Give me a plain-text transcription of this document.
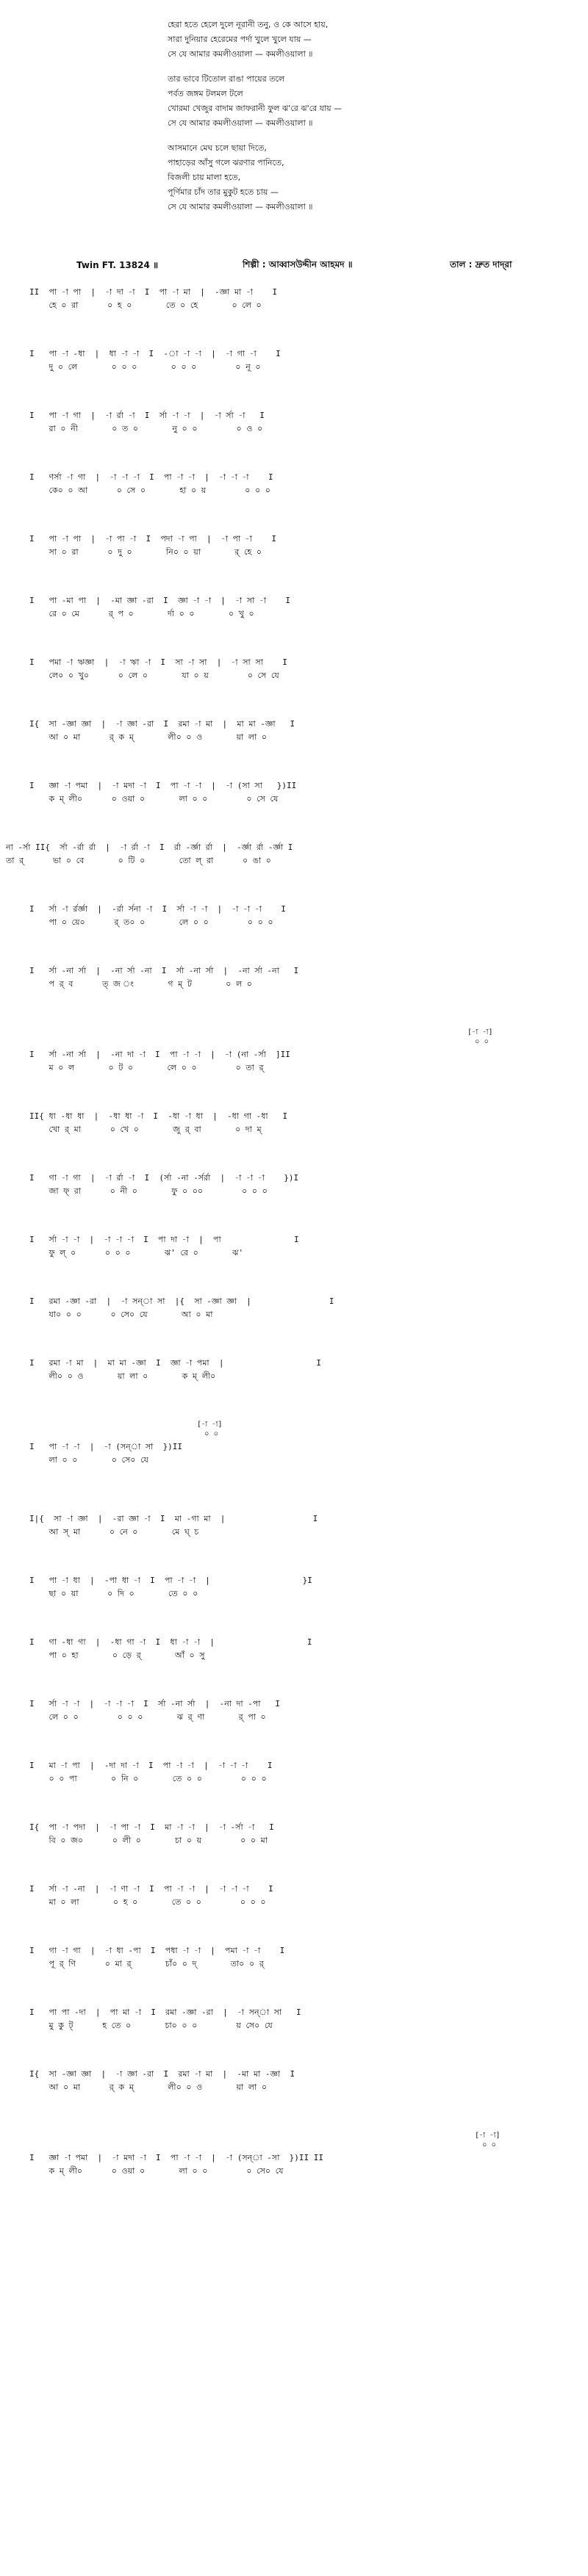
হেরা হতে হেলে দুলে নূরানী তনু, ও কে আসে হায়,
সারা দুনিয়ার হেরেমের পর্দা খুলে খুলে যায় —
সে যে আমার কমলীওয়ালা — কমলীওয়ালা ॥
তার ভাবে টিতোল রাঙা পায়ের তলে
পর্বত জঙ্গম টলমল টলে
খোরমা খেজুর বাদাম জাফরানী ফুল ঝ'রে ঝ'রে যায় —
সে যে আমার কমলীওয়ালা — কমলীওয়ালা ॥
আসমানে মেঘ চলে ছায়া দিতে,
পাহাড়ের আঁসু গলে ঝরণার পানিতে,
বিজলী চায় মালা হতে,
পূর্ণিমার চাঁদ তার মুকুট হতে চায় —
সে যে আমার কমলীওয়ালা — কমলীওয়ালা ॥
Twin FT. 13824 ॥	শিল্পী : আব্বাসউদ্দীন আহমদ ॥	তাল : দ্রুত দাদ্‌রা
II  পা -া পা  |  -া দা -া  I  পা -া মা  |  -জ্ঞা মা -া    I
হে ০ রা      ০ হ ০       তে ০ হে       ০ লে ০
I   পা -া -ধা  |  ধা -া -া  I  -া -া -া  |  -া গা -া    I
দু ০ লে       ০ ০ ০       ০ ০ ০        ০ নূ ০
I   পা -া গা  |  -া র্রা -া  I  র্সা -া -া  |  -া র্সা -া   I
রা ০ নী       ০ ত ০       নু ০ ০        ০ ও ০
I   ণর্সা -া গা  |  -া -া -া  I  পা -া -া  |  -া -া -া    I
কে০ ০ আ      ০ সে ০       হা ০ য়        ০ ০ ০
I   পা -া পা  |  -া পা -া  I  পদা -া পা  |  -া পা -া    I
সা ০ রা      ০ দু ০       নি০ ০ য়া       র্‌ হে ০
I   পা -মা পা  |  -মা জ্ঞা -রা  I  জ্ঞা -া -া  |  -া সা -া    I
রে ০ মে      র্‌ প ০       র্দা ০ ০       ০ খু ০
I   পমা -া ঋজ্ঞা  |  -া ঋা -া  I  সা -া সা  |  -া সা সা    I
লে০ ০ খু০      ০ লে ০       যা ০ য়        ০ সে যে
I{  সা -জ্ঞা জ্ঞা  |  -া জ্ঞা -রা  I  রমা -া মা  |  মা মা -জ্ঞা   I
আ ০ মা      র্‌ ক ম্‌       লী০ ০ ও       য়া লা ০
I   জ্ঞা -া পমা  |  -া মদা -া  I  পা -া -া  |  -া (সা সা   })II
ক ম্‌ লী০      ০ ওয়া ০       লা ০ ০        ০ সে যে
না -র্সা II{  র্সা -র্রা র্রা  |  -া র্রা -া  I  র্রা -র্জ্ঞা র্রা  |  -র্জ্ঞা র্রা -র্জ্ঞা I
তা র্‌      ভা ০ বে       ০ টি ০       তো ল্‌ রা      ০ ঙা ০
I   র্সা -া র্রর্জ্ঞা  |  -র্রা র্সনা -া  I  র্সা -া -া  |  -া -া -া    I
পা ০ য়ে০      র্‌ ত০ ০       লে ০ ০        ০ ০ ০
I   র্সা -না র্সা  |  -না র্সা -না  I  র্সা -না র্সা  |  -না র্সা -না   I
প র্‌ ব      ত্‌ জ ং       গ ম্‌ ট       ০ ল ০
[-া -া]
০ ০
I   র্সা -না র্সা  |  -না দা -া  I  পা -া -া  |  -া (না -র্সা  ]II
ম ০ ল       ০ ট ০       লে ০ ০        ০ তা র্‌
II{ ধা -ধা ধা  |  -ধা ধা -া  I  -ধা -া ধা  |  -ধা গা -ধা   I
খো র্‌ মা      ০ খে ০       জু র্‌ বা       ০ দা ম্‌
I   গা -া গা  |  -া র্রা -া  I  (র্সা -না -র্সর্রা  |  -া -া -া    })I
জা ফ্‌ রা      ০ নী ০       ফু ০ ০০        ০ ০ ০
I   র্সা -া -া  |  -া -া -া  I  পা দা -া  |  পা               I
ফু ল্‌ ০      ০ ০ ০       ঝ' রে ০       ঝ'
I   রমা -জ্ঞা -রা  |  -া সন্‌া সা  |{  সা -জ্ঞা জ্ঞা  |                I
যা০ ০ ০      ০ সে০ যে       আ ০ মা
I   রমা -া মা  |  মা মা -জ্ঞা  I  জ্ঞা -া পমা  |                   I
লী০ ০ ও       য়া লা ০       ক ম্‌ লী০
[-া -া]
০ ০
I   পা -া -া  |  -া (সন্‌া সা  })II
লা ০ ০       ০ সে০ যে
I|{  সা -া জ্ঞা  |  -রা জ্ঞা -া  I  মা -গা মা  |                  I
আ স্‌ মা      ০ নে ০       মে ঘ্‌ চ
I   পা -া ধা  |  -পা ধা -া  I  পা -া -া  |                   }I
ছা ০ য়া      ০ দি ০       তে ০ ০
I   গা -ধা গা  |  -ধা গা -া  I  ধা -া -া  |                   I
পা ০ হা       ০ ড়ে র্‌       আঁ ০ সু
I   র্সা -া -া  |  -া -া -া  I  র্সা -না র্সা  |  -না দা -পা   I
লে ০ ০        ০ ০ ০       ঝ র্‌ ণা       র্‌ পা ০
I   মা -া পা  |  -দা দা -া  I  পা -া -া  |  -া -া -া    I
০ ০ পা       ০ নি ০       তে ০ ০        ০ ০ ০
I{  পা -া পদা  |  -া পা -া  I  মা -া -া  |  -া -র্সা -া   I
বি ০ জ০      ০ লী ০       চা ০ য়        ০ ০ মা
I   র্সা -া -না  |  -া ণা -া  I  পা -া -া  |  -া -া -া    I
মা ০ লা       ০ হ ০       তে ০ ০        ০ ০ ০
I   গা -া গা  |  -া ধা -পা  I  পধা -া -া  |  পমা -া -া    I
পূ র্‌ ণি      ০ মা র্‌       চাঁ০ ০ দ্‌       তা০ ০ র্‌
I   পা পা -দা  |  পা মা -া  I  রমা -জ্ঞা -রা  |  -া সন্‌া সা   I
মু কু ট্‌      হ তে ০       চা০ ০ ০        য় সে০ যে
I{  সা -জ্ঞা জ্ঞা  |  -া জ্ঞা -রা  I  রমা -া মা  |  -মা মা -জ্ঞা  I
আ ০ মা      র্‌ ক ম্‌       লী০ ০ ও       য়া লা ০
[-া -া]
০ ০
I   জ্ঞা -া পমা  |  -া মদা -া  I  পা -া -া  |  -া (সন্‌া -সা  })II II
ক ম্‌ লী০      ০ ওয়া ০       লা ০ ০        ০ সে০ যে
